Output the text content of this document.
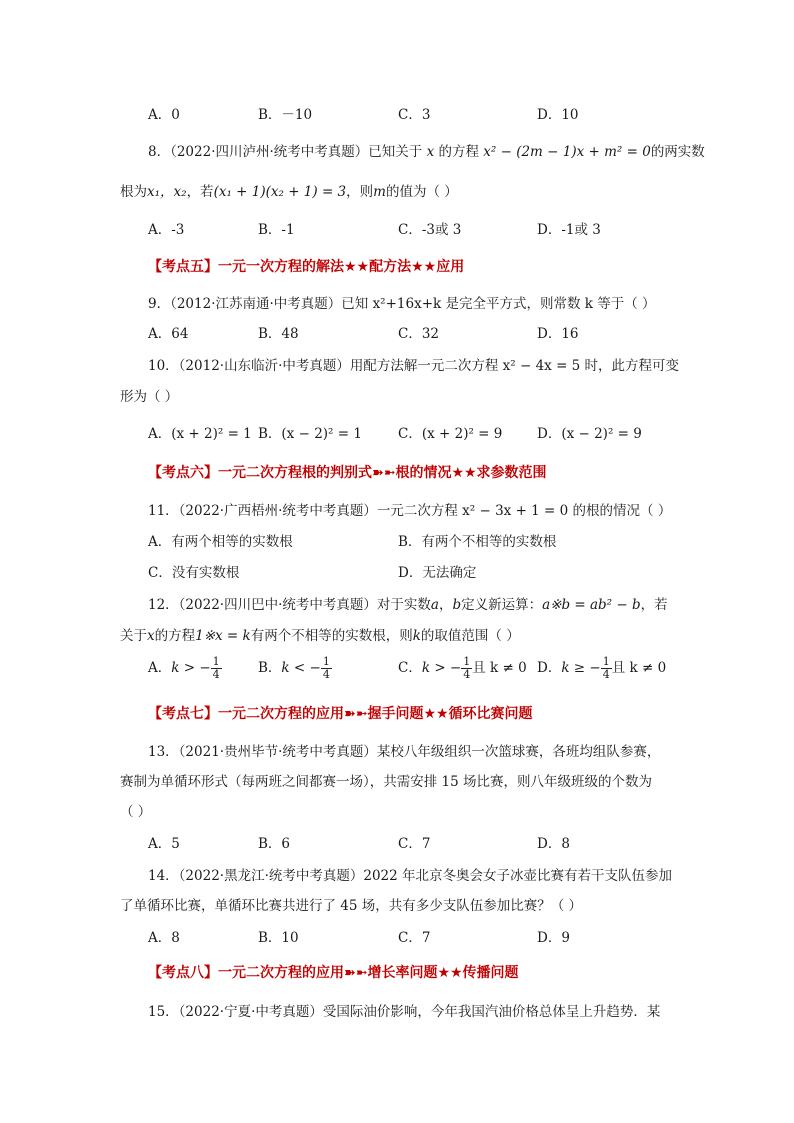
A．0	B．－10	C．3	D．10
8．（2022·四川泸州·统考中考真题）已知关于 x 的方程 x² − (2m − 1)x + m² = 0的两实数
根为x₁，x₂，若(x₁ + 1)(x₂ + 1) = 3，则m的值为（ ）
A．-3	B．-1	C．-3或 3	D．-1或 3
【考点五】一元一次方程的解法★★配方法★★应用
9．（2012·江苏南通·中考真题）已知 x²+16x+k 是完全平方式，则常数 k 等于（ ）
A．64	B．48	C．32	D．16
10．（2012·山东临沂·中考真题）用配方法解一元二次方程 x² − 4x = 5 时，此方程可变
形为（ ）
A．(x + 2)² = 1 B．(x − 2)² = 1	C．(x + 2)² = 9	D．(x − 2)² = 9
【考点六】一元二次方程根的判别式➽➼根的情况★★求参数范围
11．（2022·广西梧州·统考中考真题）一元二次方程 x² − 3x + 1 = 0 的根的情况（ ）
A．有两个相等的实数根	B．有两个不相等的实数根
C．没有实数根	D．无法确定
12．（2022·四川巴中·统考中考真题）对于实数a，b定义新运算：a※b = ab² − b，若
关于x的方程1※x = k有两个不相等的实数根，则k的取值范围（ ）
A．k > − $\frac{1}{4}$	B．k < − $\frac{1}{4}$	C．k > − $\frac{1}{4}$ 且 k ≠ 0 D．k ≥ − $\frac{1}{4}$ 且 k ≠ 0
【考点七】一元二次方程的应用➽➼握手问题★★循环比赛问题
13．（2021·贵州毕节·统考中考真题）某校八年级组织一次篮球赛，各班均组队参赛，
赛制为单循环形式（每两班之间都赛一场），共需安排 15 场比赛，则八年级班级的个数为
（ ）
A．5	B．6	C．7	D．8
14．（2022·黑龙江·统考中考真题）2022 年北京冬奥会女子冰壶比赛有若干支队伍参加
了单循环比赛，单循环比赛共进行了 45 场，共有多少支队伍参加比赛？（ ）
A．8	B．10	C．7	D．9
【考点八】一元二次方程的应用➽➼增长率问题★★传播问题
15．（2022·宁夏·中考真题）受国际油价影响，今年我国汽油价格总体呈上升趋势．某
